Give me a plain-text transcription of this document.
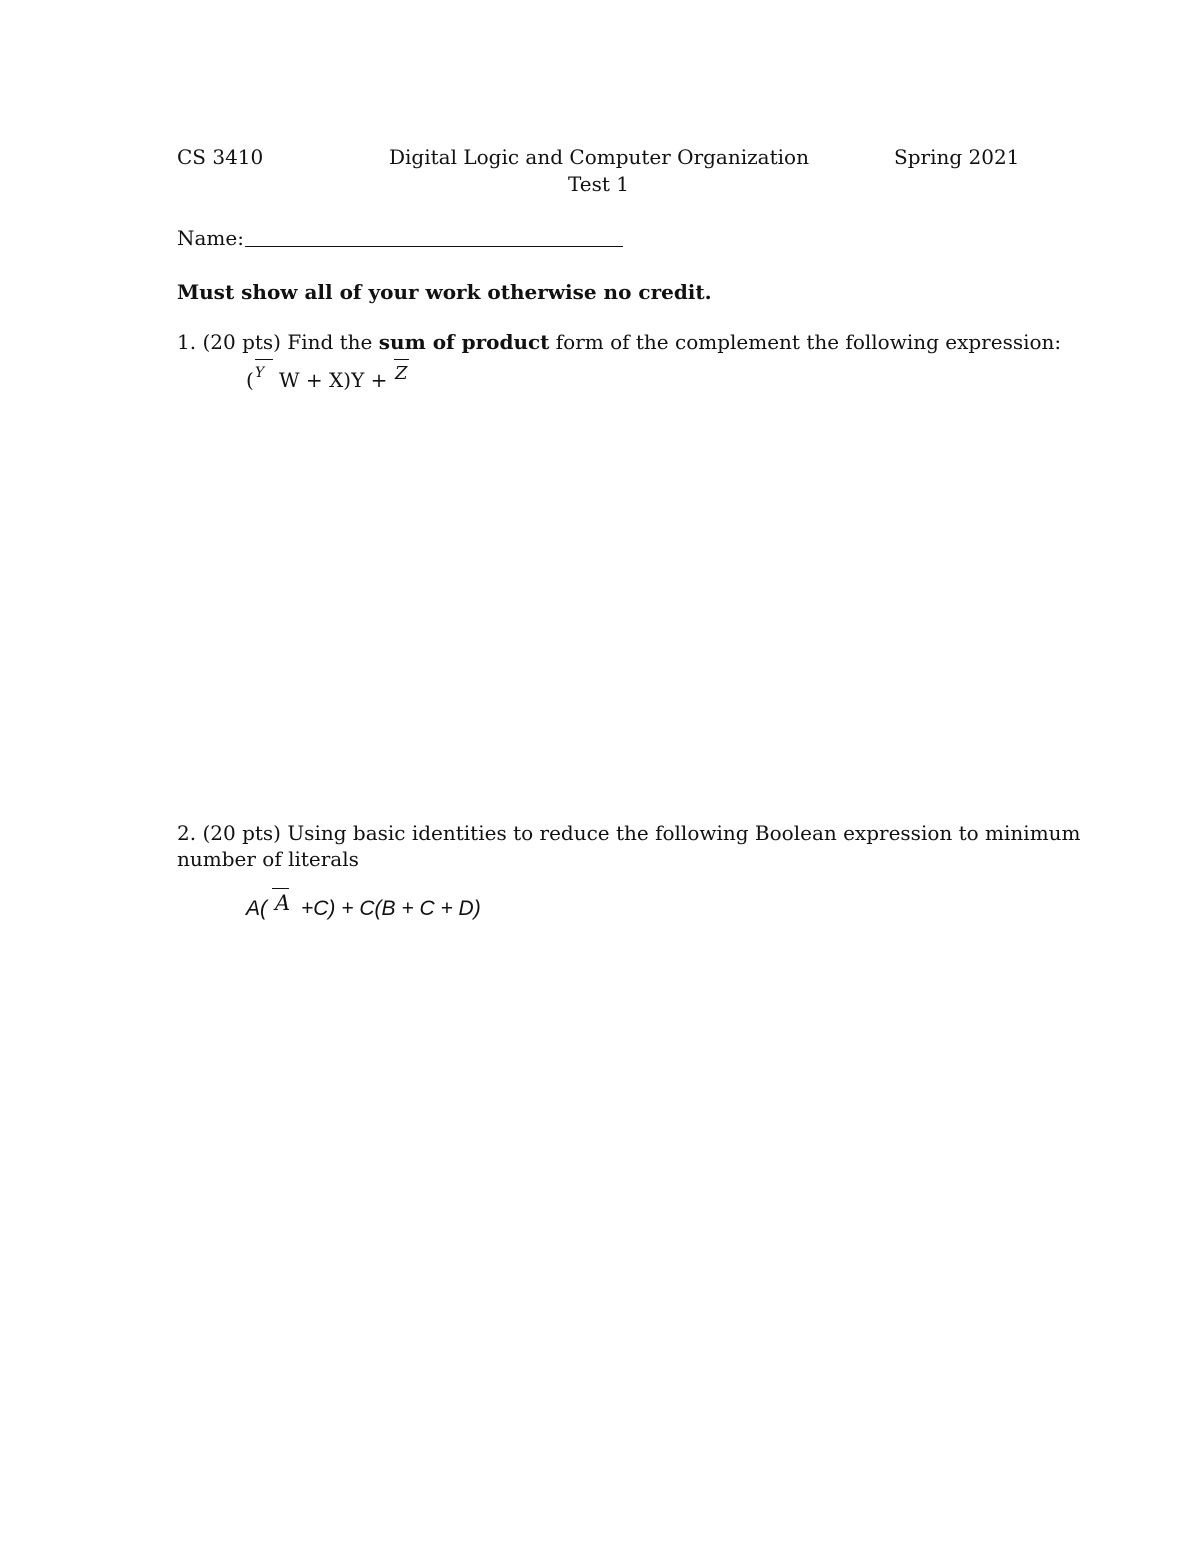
CS 3410	Digital Logic and Computer Organization	Spring 2021
Test 1
Name:
Must show all of your work otherwise no credit.
1. (20 pts) Find the sum of product form of the complement the following expression:
( Y W + X)Y + Z
2. (20 pts) Using basic identities to reduce the following Boolean expression to minimum
number of literals
A( A +C) + C(B + C + D)
